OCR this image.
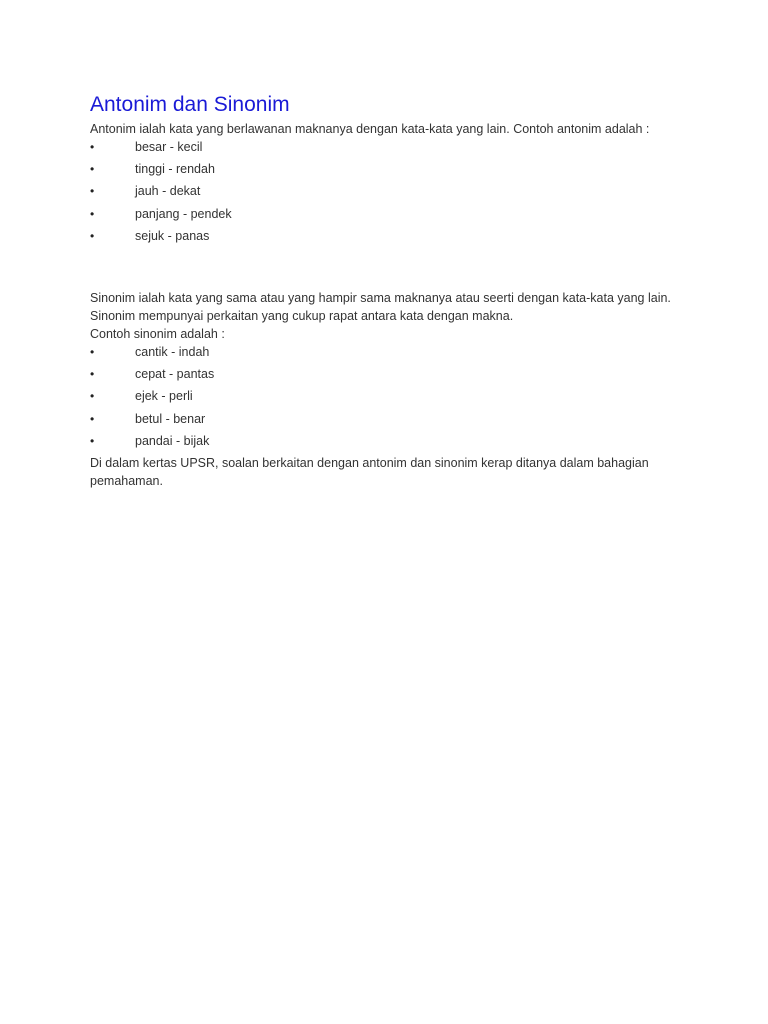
Antonim dan Sinonim

Antonim ialah kata yang berlawanan maknanya dengan kata-kata yang lain. Contoh antonim adalah :

•	besar - kecil
•	tinggi - rendah
•	jauh - dekat
•	panjang - pendek
•	sejuk - panas

Sinonim ialah kata yang sama atau yang hampir sama maknanya atau seerti dengan kata-kata yang lain.

Sinonim mempunyai perkaitan yang cukup rapat antara kata dengan makna.

Contoh sinonim adalah :

•	cantik - indah
•	cepat - pantas
•	ejek - perli
•	betul - benar
•	pandai - bijak

Di dalam kertas UPSR, soalan berkaitan dengan antonim dan sinonim kerap ditanya dalam bahagian

pemahaman.
